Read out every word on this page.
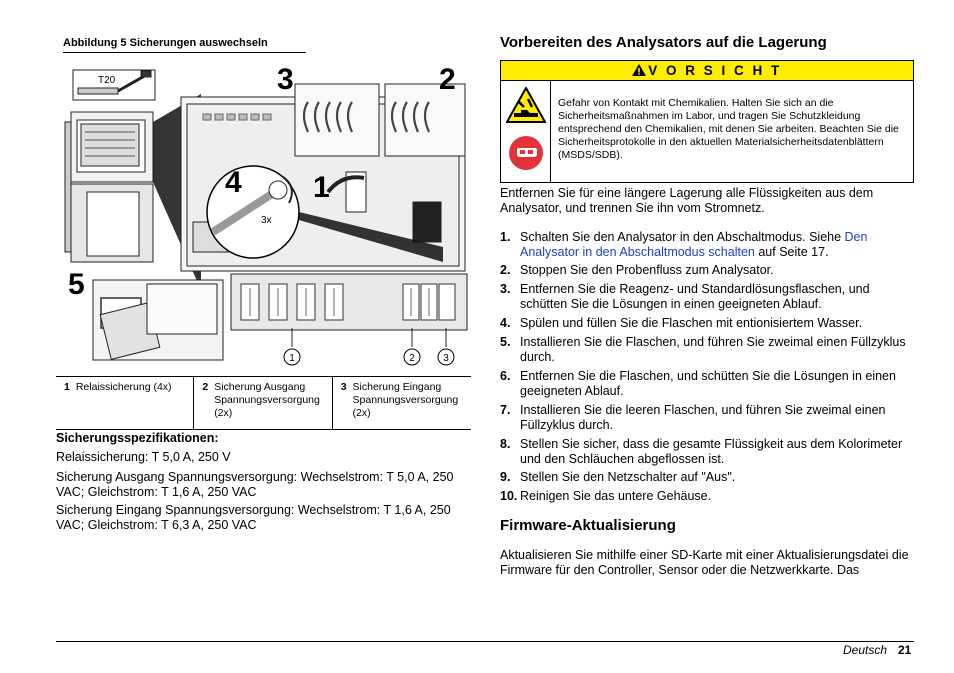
Abbildung 5 Sicherungen auswechseln
3	2
4 1
5
T20
3x
1	2	3
1	Relaissicherung (4x)	2	Sicherung Ausgang Spannungsversorgung (2x)	3	Sicherung Eingang Spannungsversorgung (2x)
Sicherungsspezifikationen:
Relaissicherung: T 5,0 A, 250 V
Sicherung Ausgang Spannungsversorgung: Wechselstrom: T 5,0 A, 250 VAC; Gleichstrom: T 1,6 A, 250 VAC
Sicherung Eingang Spannungsversorgung: Wechselstrom: T 1,6 A, 250 VAC; Gleichstrom: T 6,3 A, 250 VAC
Vorbereiten des Analysators auf die Lagerung
V O R S I C H T
Gefahr von Kontakt mit Chemikalien. Halten Sie sich an die Sicherheitsmaßnahmen im Labor, und tragen Sie Schutzkleidung entsprechend den Chemikalien, mit denen Sie arbeiten. Beachten Sie die Sicherheitsprotokolle in den aktuellen Materialsicherheitsdatenblättern (MSDS/SDB).
Entfernen Sie für eine längere Lagerung alle Flüssigkeiten aus dem Analysator, und trennen Sie ihn vom Stromnetz.
1. Schalten Sie den Analysator in den Abschaltmodus. Siehe Den Analysator in den Abschaltmodus schalten auf Seite 17.
2. Stoppen Sie den Probenfluss zum Analysator.
3. Entfernen Sie die Reagenz- und Standardlösungsflaschen, und schütten Sie die Lösungen in einen geeigneten Ablauf.
4. Spülen und füllen Sie die Flaschen mit entionisiertem Wasser.
5. Installieren Sie die Flaschen, und führen Sie zweimal einen Füllzyklus durch.
6. Entfernen Sie die Flaschen, und schütten Sie die Lösungen in einen geeigneten Ablauf.
7. Installieren Sie die leeren Flaschen, und führen Sie zweimal einen Füllzyklus durch.
8. Stellen Sie sicher, dass die gesamte Flüssigkeit aus dem Kolorimeter und den Schläuchen abgeflossen ist.
9. Stellen Sie den Netzschalter auf "Aus".
10. Reinigen Sie das untere Gehäuse.
Firmware-Aktualisierung
Aktualisieren Sie mithilfe einer SD-Karte mit einer Aktualisierungsdatei die Firmware für den Controller, Sensor oder die Netzwerkkarte. Das
Deutsch 21
